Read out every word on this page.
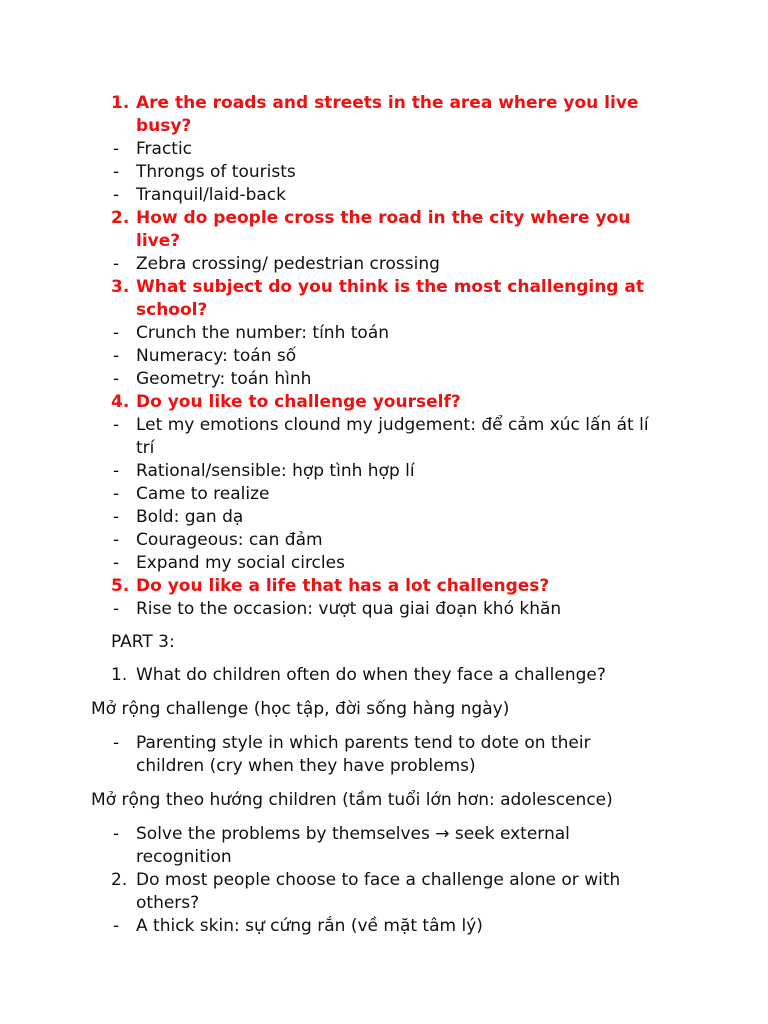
1. Are the roads and streets in the area where you live
busy?
- Fractic
- Throngs of tourists
- Tranquil/laid-back
2. How do people cross the road in the city where you
live?
- Zebra crossing/ pedestrian crossing
3. What subject do you think is the most challenging at
school?
- Crunch the number: tính toán
- Numeracy: toán số
- Geometry: toán hình
4. Do you like to challenge yourself?
- Let my emotions clound my judgement: để cảm xúc lấn át lí
trí
- Rational/sensible: hợp tình hợp lí
- Came to realize
- Bold: gan dạ
- Courageous: can đảm
- Expand my social circles
5. Do you like a life that has a lot challenges?
- Rise to the occasion: vượt qua giai đoạn khó khăn
PART 3:
1. What do children often do when they face a challenge?
Mở rộng challenge (học tập, đời sống hàng ngày)
- Parenting style in which parents tend to dote on their
children (cry when they have problems)
Mở rộng theo hướng children (tầm tuổi lớn hơn: adolescence)
- Solve the problems by themselves → seek external
recognition
2. Do most people choose to face a challenge alone or with
others?
- A thick skin: sự cứng rắn (về mặt tâm lý)
